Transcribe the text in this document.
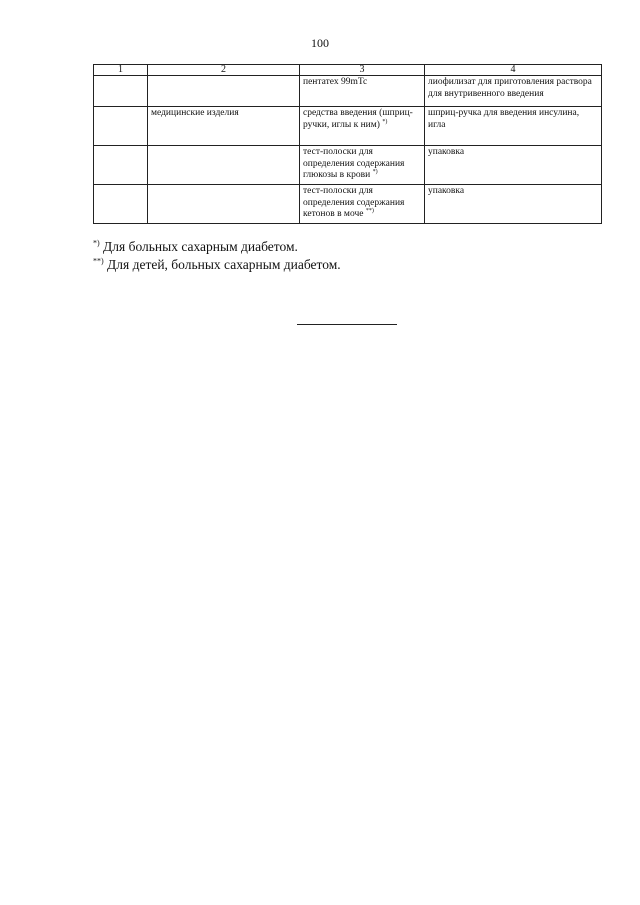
100
1	2	3	4
		пентатех 99mTc	лиофилизат для приготовления раствора для внутривенного введения
	медицинские изделия	средства введения (шприц-ручки, иглы к ним) *)	шприц-ручка для введения инсулина, игла
		тест-полоски для определения содержания глюкозы в крови *)	упаковка
		тест-полоски для определения содержания кетонов в моче **)	упаковка
*) Для больных сахарным диабетом.
**) Для детей, больных сахарным диабетом.
